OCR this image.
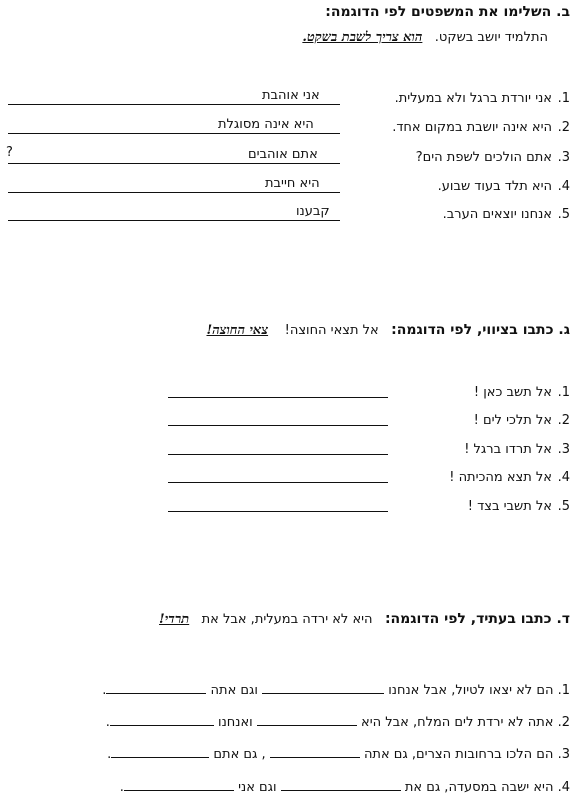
ב. השלימו את המשפטים לפי הדוגמה:
התלמיד יושב בשקט.   הוא צריך לשבת בשקט.
1.
אני יורדת ברגל ולא במעלית.
אני אוהבת
2.
היא אינה יושבת במקום אחד.
היא אינה מסוגלת
3.
אתם הולכים לשפת הים?
אתם אוהבים
?
4.
היא תלד בעוד שבוע.
היא חייבת
5.
אנחנו יוצאים הערב.
קבענו
ג. כתבו בציווי, לפי הדוגמה:   אל תצאי החוצה!    צאי החוצה!
1.
אל תשב כאן !
2.
אל תלכי לים !
3.
אל תרדו ברגל !
4.
אל תצא מהכיתה !
5.
אל תשבי בצד !
ד. כתבו בעתיד, לפי הדוגמה:   היא לא ירדה במעלית, אבל את   תרדי!
1. הם לא יצאו לטיול, אבל אנחנו  וגם אתה .
2. אתה לא ירדת לים המלח, אבל היא  ואנחנו .
3. הם הלכו ברחובות הצרים, גם אתה  , גם אתם .
4. היא ישבה במסעדה, גם את  וגם אני .
